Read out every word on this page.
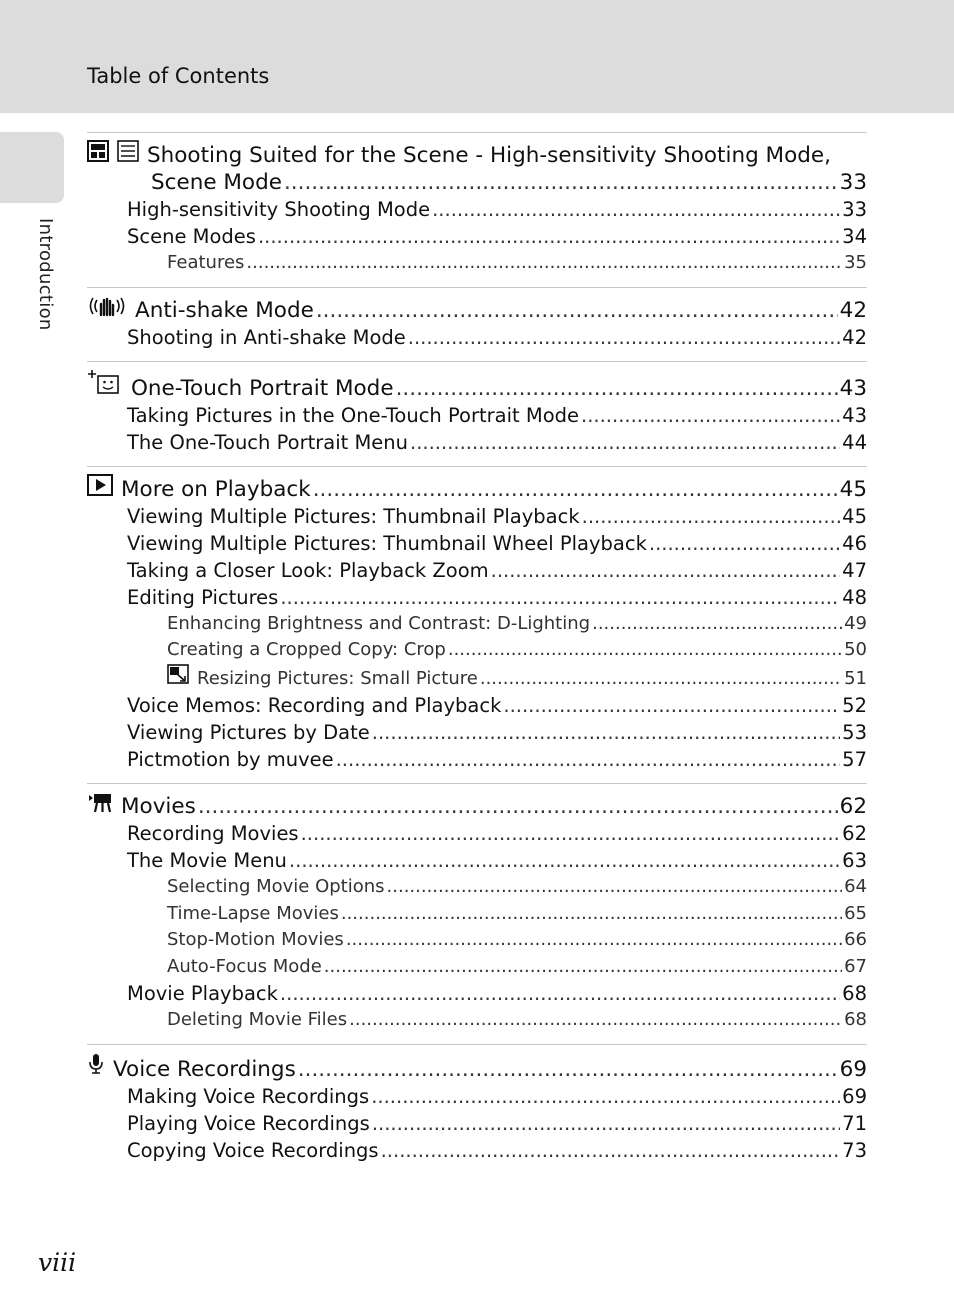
Table of Contents
Introduction
Shooting Suited for the Scene - High-sensitivity Shooting Mode,
Scene Mode .....	33
High-sensitivity Shooting Mode .....	33
Scene Modes .....	34
Features .....	35
Anti-shake Mode .....	42
Shooting in Anti-shake Mode .....	42
One-Touch Portrait Mode .....	43
Taking Pictures in the One-Touch Portrait Mode .....	43
The One-Touch Portrait Menu .....	44
More on Playback .....	45
Viewing Multiple Pictures: Thumbnail Playback .....	45
Viewing Multiple Pictures: Thumbnail Wheel Playback .....	46
Taking a Closer Look: Playback Zoom .....	47
Editing Pictures .....	48
Enhancing Brightness and Contrast: D-Lighting .....	49
Creating a Cropped Copy: Crop .....	50
Resizing Pictures: Small Picture .....	51
Voice Memos: Recording and Playback .....	52
Viewing Pictures by Date .....	53
Pictmotion by muvee .....	57
Movies .....	62
Recording Movies .....	62
The Movie Menu .....	63
Selecting Movie Options .....	64
Time-Lapse Movies .....	65
Stop-Motion Movies .....	66
Auto-Focus Mode .....	67
Movie Playback .....	68
Deleting Movie Files .....	68
Voice Recordings .....	69
Making Voice Recordings .....	69
Playing Voice Recordings .....	71
Copying Voice Recordings .....	73
viii
